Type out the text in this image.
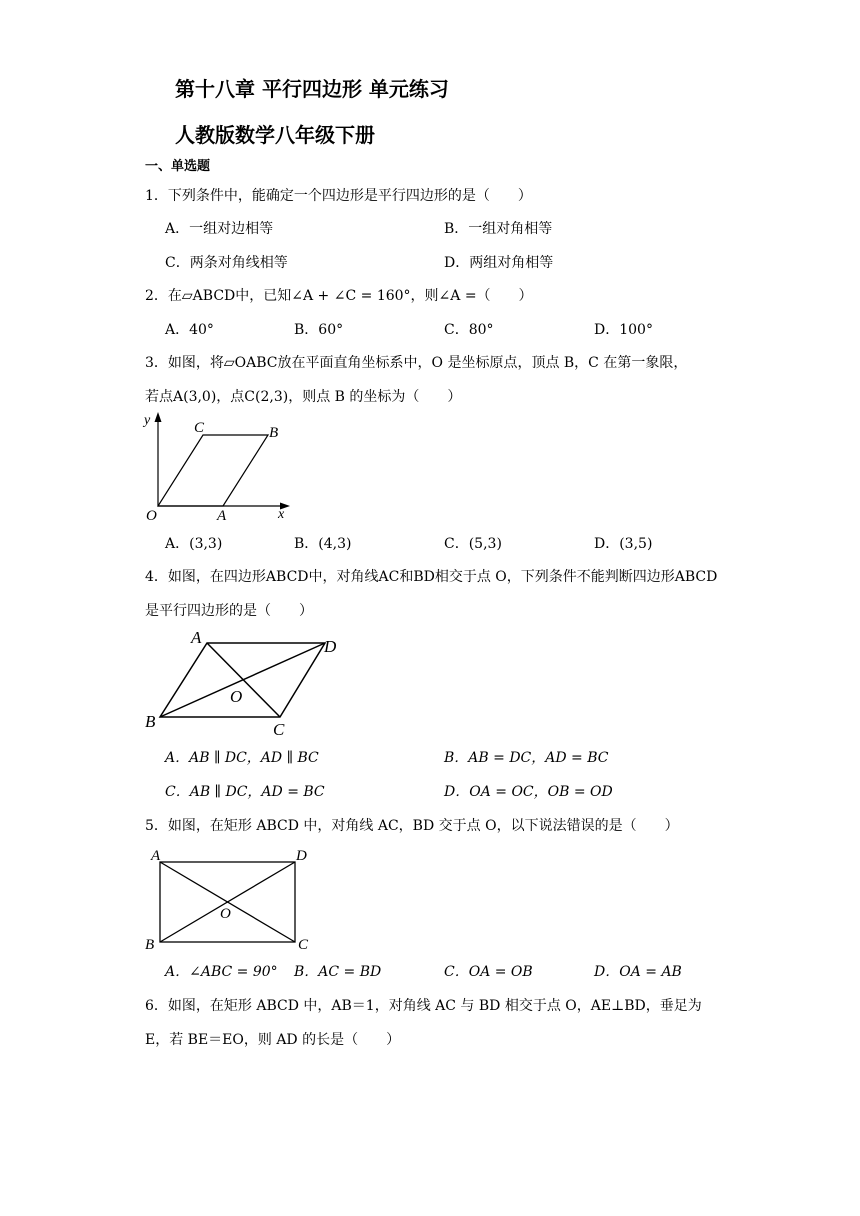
第十八章 平行四边形 单元练习
人教版数学八年级下册
一、单选题
1．下列条件中，能确定一个四边形是平行四边形的是（　　）
A．一组对边相等	B．一组对角相等
C．两条对角线相等	D．两组对角相等
2．在▱ABCD中，已知∠A + ∠C = 160°，则∠A =（　　）
A．40°	B．60°	C．80°	D．100°
3．如图，将▱OABC放在平面直角坐标系中，O 是坐标原点，顶点 B，C 在第一象限，
若点A(3,0)，点C(2,3)，则点 B 的坐标为（　　）
y
O	A	x
C	B
A．(3,3)	B．(4,3)	C．(5,3)	D．(3,5)
4．如图，在四边形ABCD中，对角线AC和BD相交于点 O，下列条件不能判断四边形ABCD
是平行四边形的是（　　）
A	D
O
B	C
A．AB ∥ DC，AD ∥ BC	B．AB = DC，AD = BC
C．AB ∥ DC，AD = BC	D．OA = OC，OB = OD
5．如图，在矩形 ABCD 中，对角线 AC，BD 交于点 O，以下说法错误的是（　　）
A	D
O
B	C
A．∠ABC = 90° B．AC = BD	C．OA = OB	D．OA = AB
6．如图，在矩形 ABCD 中，AB＝1，对角线 AC 与 BD 相交于点 O，AE⊥BD，垂足为
E，若 BE＝EO，则 AD 的长是（　　）
